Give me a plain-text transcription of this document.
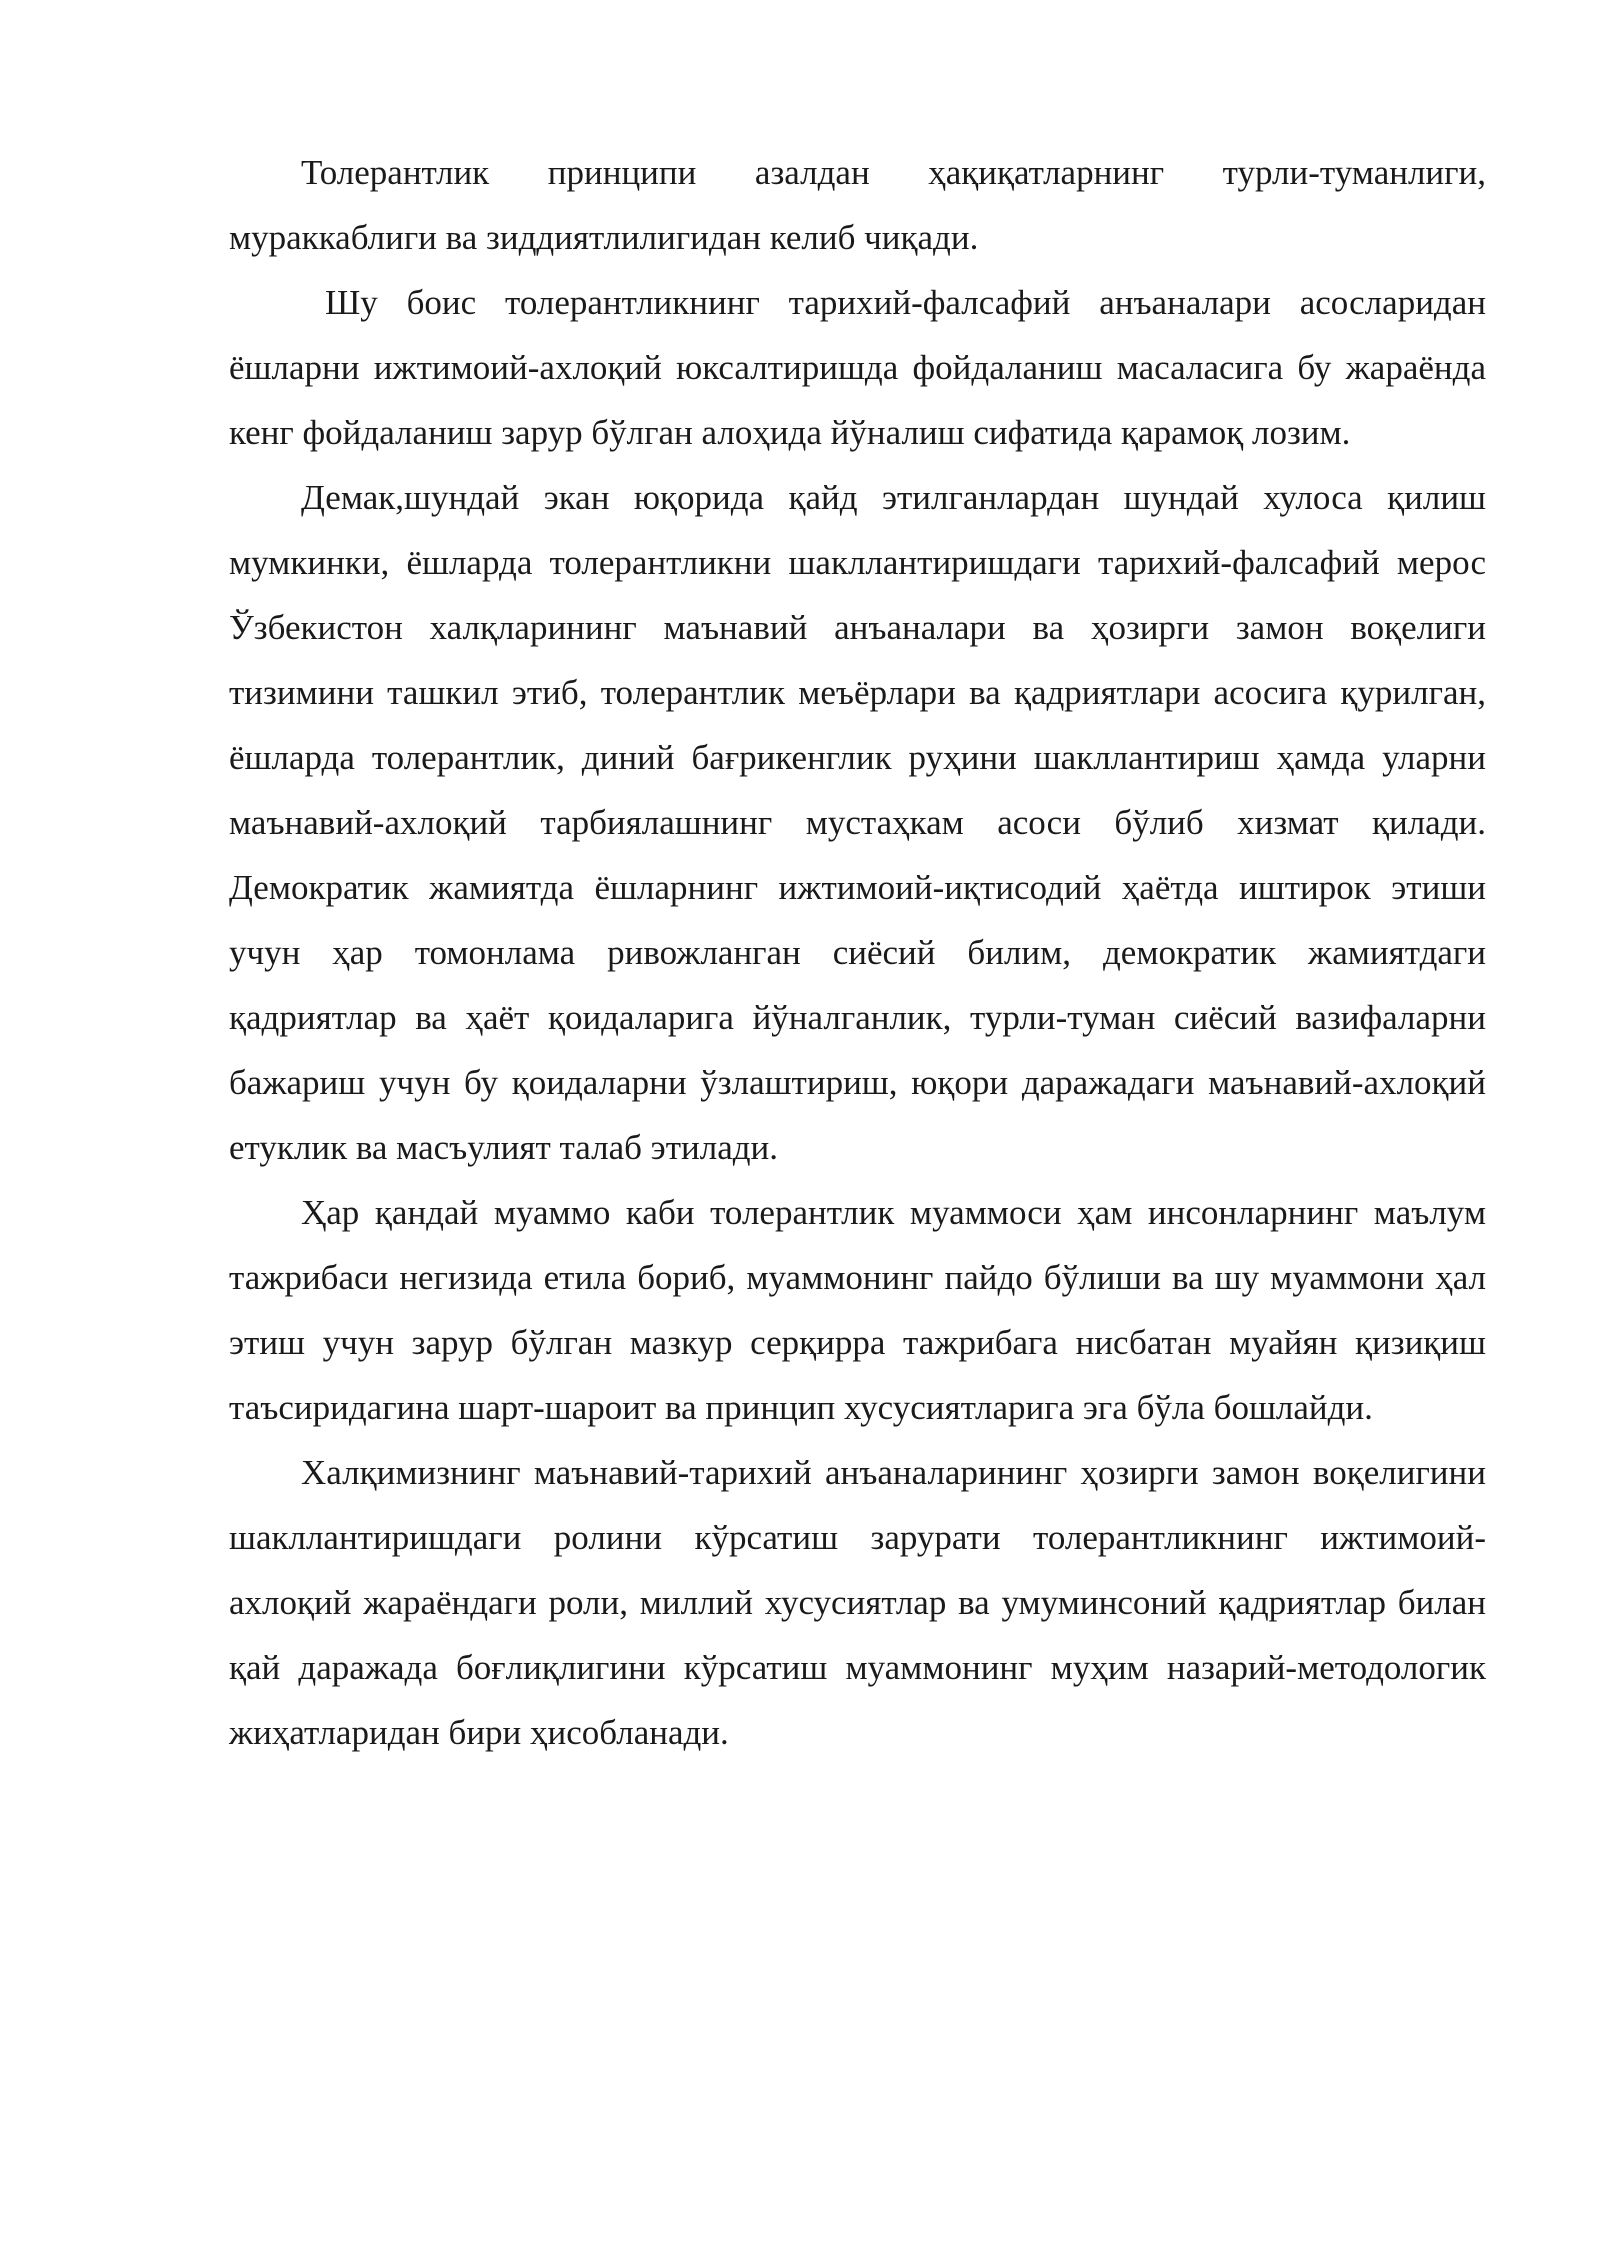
Толерантлик принципи азалдан ҳақиқатларнинг турли-туманлиги, мураккаблиги ва зиддиятлилигидан келиб чиқади.

Шу боис толерантликнинг тарихий-фалсафий анъаналари асосларидан ёшларни ижтимоий-ахлоқий юксалтиришда фойдаланиш масаласига бу жараёнда кенг фойдаланиш зарур бўлган алоҳида йўналиш сифатида қарамоқ лозим.

Демак,шундай экан юқорида қайд этилганлардан шундай хулоса қилиш мумкинки, ёшларда толерантликни шакллантиришдаги тарихий-фалсафий мерос Ўзбекистон халқларининг маънавий анъаналари ва ҳозирги замон воқелиги тизимини ташкил этиб, толерантлик меъёрлари ва қадриятлари асосига қурилган, ёшларда толерантлик, диний бағрикенглик руҳини шакллантириш ҳамда уларни маънавий-ахлоқий тарбиялашнинг мустаҳкам асоси бўлиб хизмат қилади. Демократик жамиятда ёшларнинг ижтимоий-иқтисодий ҳаётда иштирок этиши учун ҳар томонлама ривожланган сиёсий билим, демократик жамиятдаги қадриятлар ва ҳаёт қоидаларига йўналганлик, турли-туман сиёсий вазифаларни бажариш учун бу қоидаларни ўзлаштириш, юқори даражадаги маънавий-ахлоқий етуклик ва масъулият талаб этилади.

Ҳар қандай муаммо каби толерантлик муаммоси ҳам инсонларнинг маълум тажрибаси негизида етила бориб, муаммонинг пайдо бўлиши ва шу муаммони ҳал этиш учун зарур бўлган мазкур серқирра тажрибага нисбатан муайян қизиқиш таъсиридагина шарт-шароит ва принцип хусусиятларига эга бўла бошлайди.

Халқимизнинг маънавий-тарихий анъаналарининг ҳозирги замон воқелигини шакллантиришдаги ролини кўрсатиш зарурати толерантликнинг ижтимоий-ахлоқий жараёндаги роли, миллий хусусиятлар ва умуминсоний қадриятлар билан қай даражада боғлиқлигини кўрсатиш муаммонинг муҳим назарий-методологик жиҳатларидан бири ҳисобланади.
